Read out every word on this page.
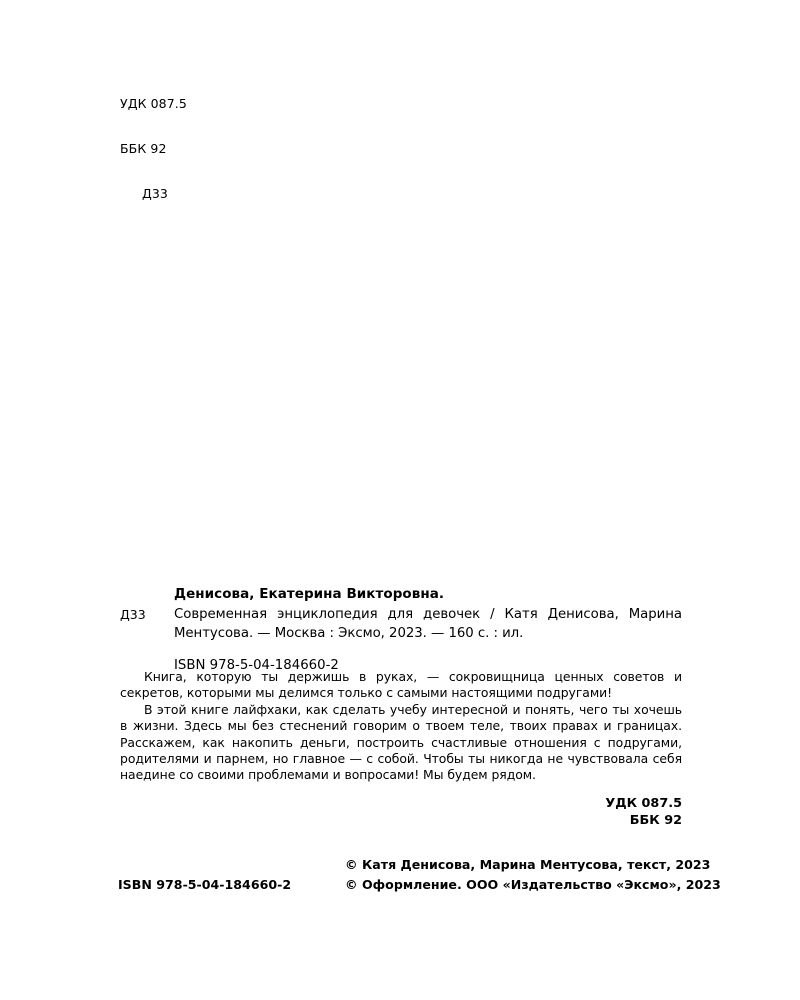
УДК 087.5

ББК 92

Д33

Денисова, Екатерина Викторовна.
Д33 Современная энциклопедия для девочек / Катя Денисова, Марина Ментусова. — Москва : Эксмо, 2023. — 160 с. : ил.
ISBN 978-5-04-184660-2

Книга, которую ты держишь в руках, — сокровищница ценных советов и секретов, которыми мы делимся только с самыми настоящими подругами!

В этой книге лайфхаки, как сделать учебу интересной и понять, чего ты хочешь в жизни. Здесь мы без стеснений говорим о твоем теле, твоих правах и границах. Расскажем, как накопить деньги, построить счастливые отношения с подругами, родителями и парнем, но главное — с собой. Чтобы ты никогда не чувствовала себя наедине со своими проблемами и вопросами! Мы будем рядом.

УДК 087.5
ББК 92
© Катя Денисова, Марина Ментусова, текст, 2023
© Оформление. ООО «Издательство «Эксмо», 2023
ISBN 978-5-04-184660-2
